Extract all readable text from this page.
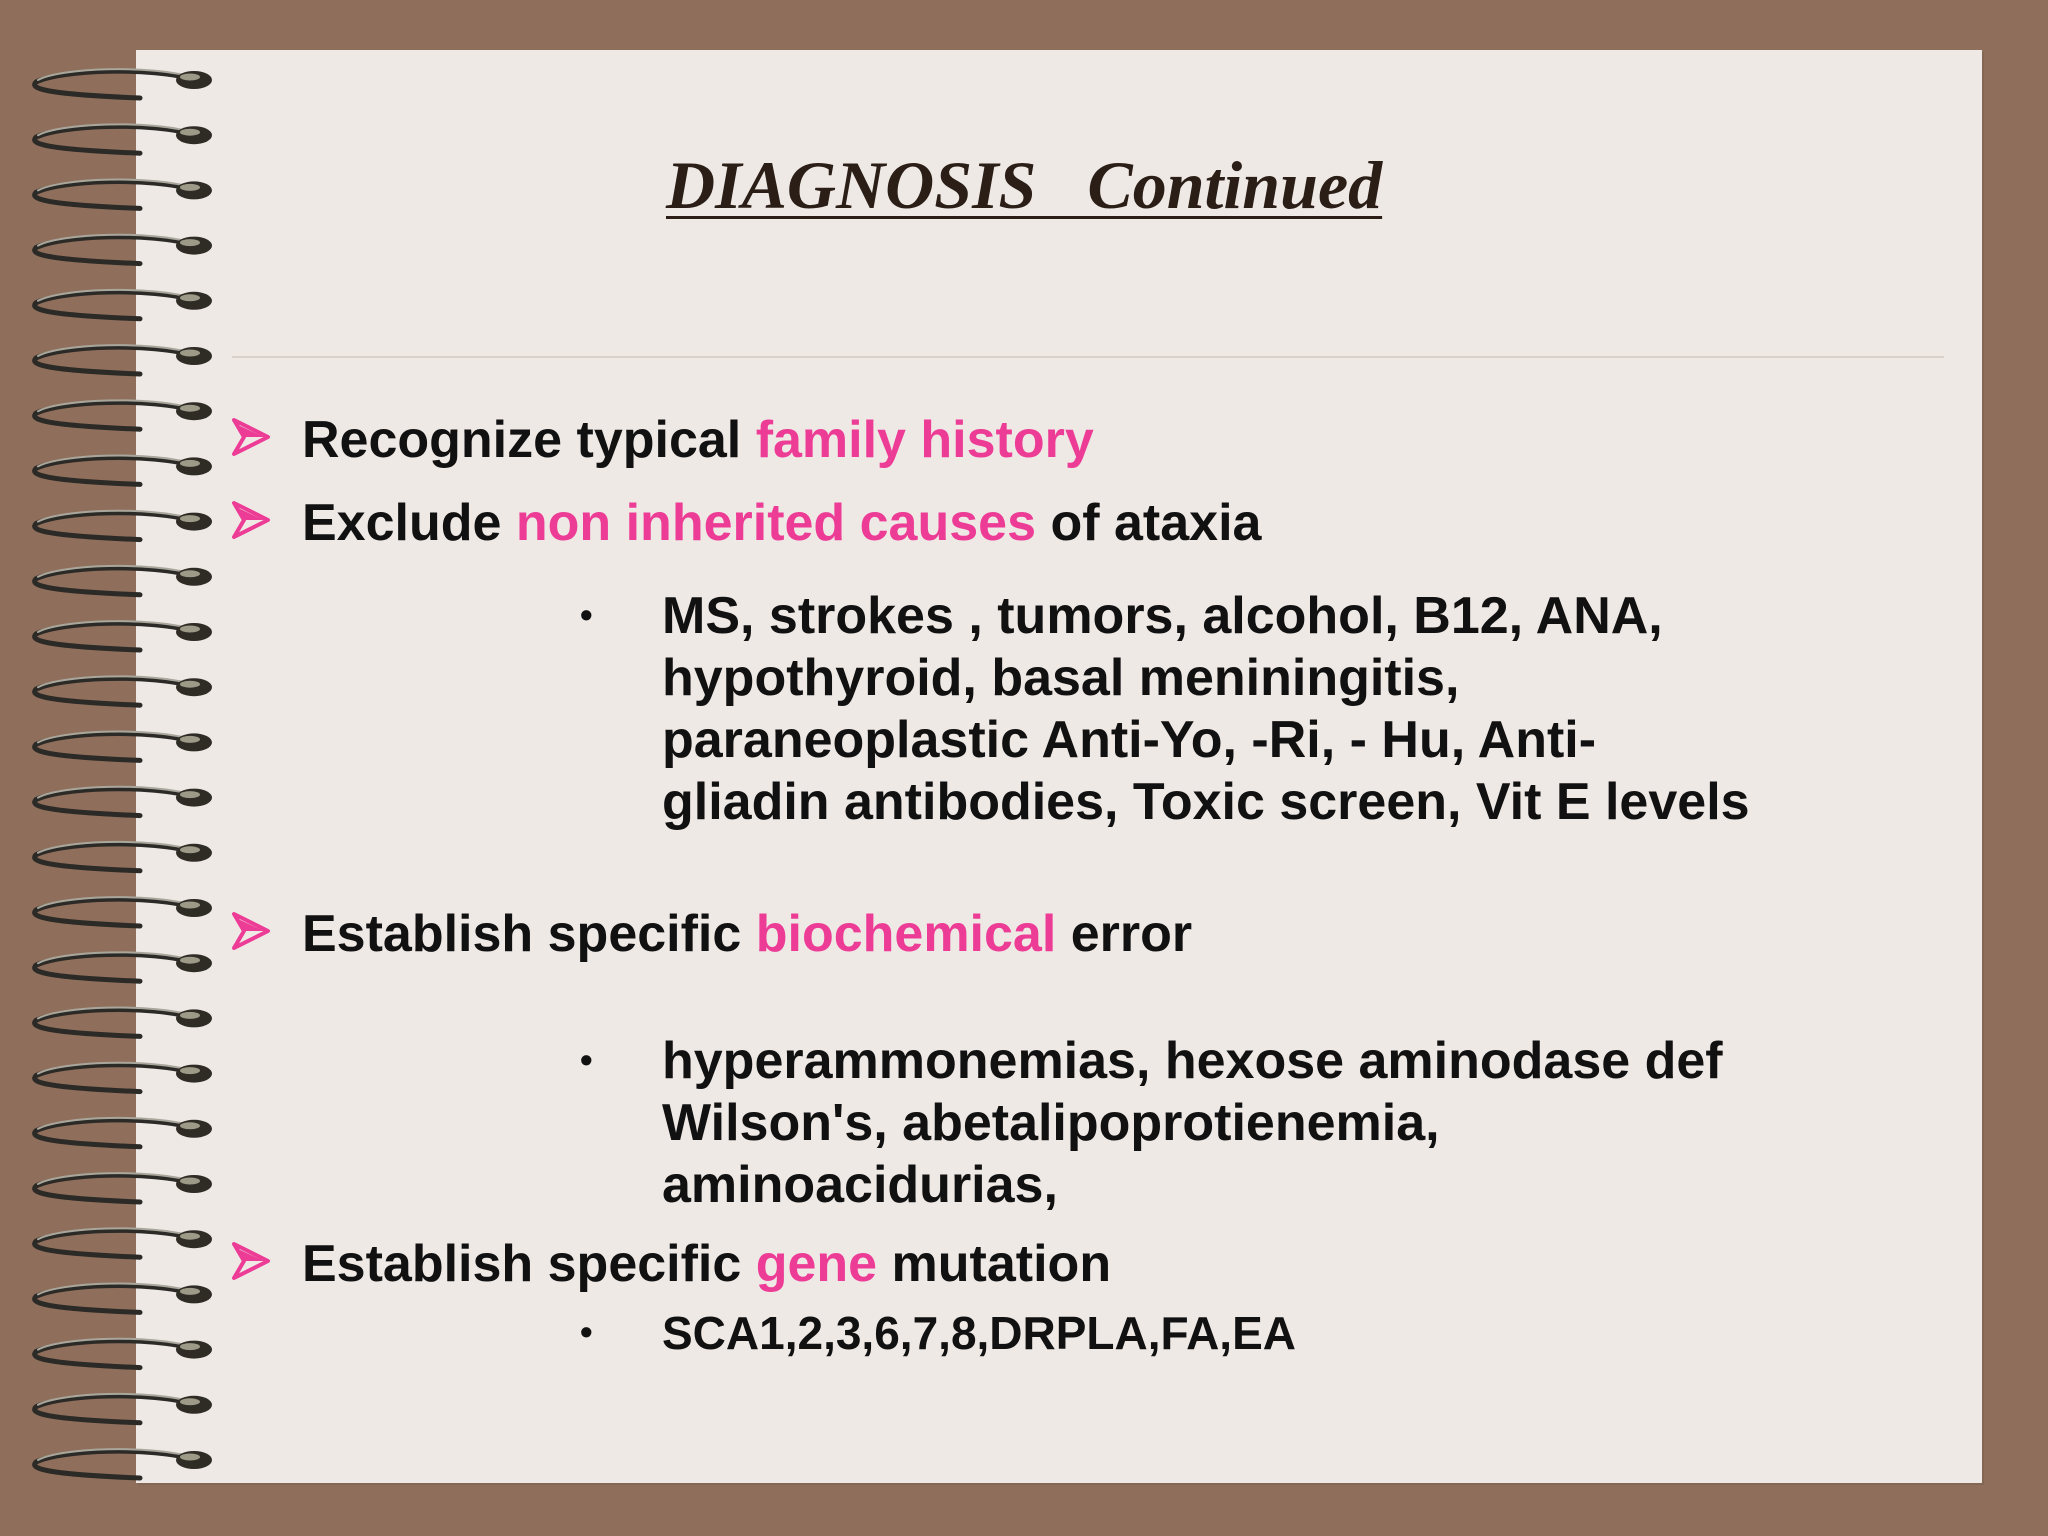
DIAGNOSIS   Continued
Recognize typical family history
Exclude non inherited causes of ataxia
•	MS, strokes , tumors, alcohol, B12, ANA,
hypothyroid, basal meniningitis,
paraneoplastic Anti-Yo, -Ri, - Hu, Anti-
gliadin antibodies, Toxic screen, Vit E levels
Establish specific biochemical error
•	hyperammonemias, hexose aminodase def
Wilson's, abetalipoprotienemia,
aminoacidurias,
Establish specific gene mutation
•	SCA1,2,3,6,7,8,DRPLA,FA,EA
